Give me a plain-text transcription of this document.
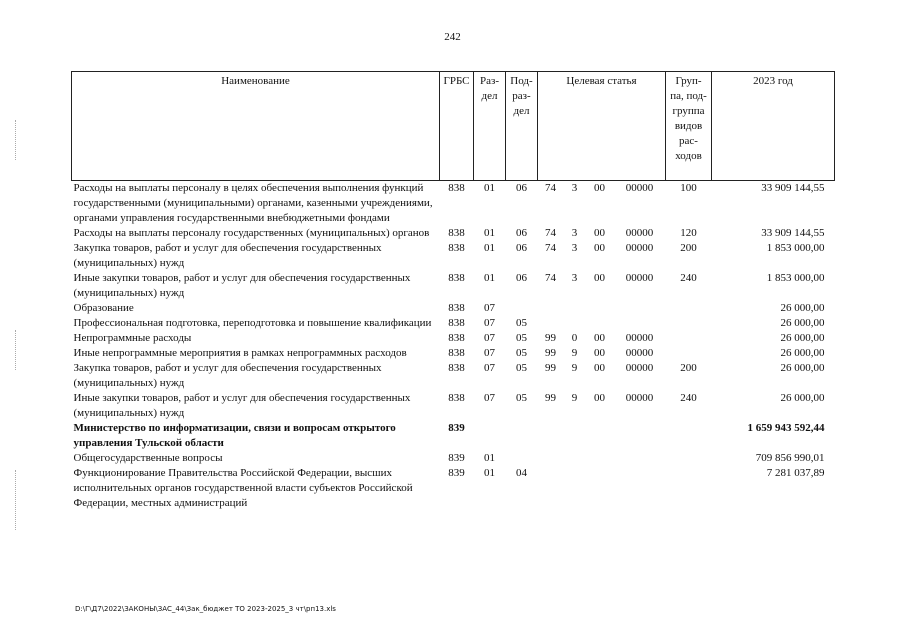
242
Наименование	ГРБС	Раз- дел	Под- раз- дел	Целевая статья				Груп- па, под- группа видов рас- ходов	2023 год
Расходы на выплаты персоналу в целях обеспечения выполнения функций государственными (муниципальными) органами, казенными учреждениями, органами управления государственными внебюджетными фондами	838	01	06	74	3	00	00000	100	33 909 144,55
Расходы на выплаты персоналу государственных (муниципальных) органов	838	01	06	74	3	00	00000	120	33 909 144,55
Закупка товаров, работ и услуг для обеспечения государственных (муниципальных) нужд	838	01	06	74	3	00	00000	200	1 853 000,00
Иные закупки товаров, работ и услуг для обеспечения государственных (муниципальных) нужд	838	01	06	74	3	00	00000	240	1 853 000,00
Образование	838	07							26 000,00
Профессиональная подготовка, переподготовка и повышение квалификации	838	07	05						26 000,00
Непрограммные расходы	838	07	05	99	0	00	00000		26 000,00
Иные непрограммные мероприятия в рамках непрограммных расходов	838	07	05	99	9	00	00000		26 000,00
Закупка товаров, работ и услуг для обеспечения государственных (муниципальных) нужд	838	07	05	99	9	00	00000	200	26 000,00
Иные закупки товаров, работ и услуг для обеспечения государственных (муниципальных) нужд	838	07	05	99	9	00	00000	240	26 000,00
Министерство по информатизации, связи и вопросам открытого управления Тульской области	839								1 659 943 592,44
Общегосударственные вопросы	839	01							709 856 990,01
Функционирование Правительства Российской Федерации, высших исполнительных органов государственной власти субъектов Российской Федерации, местных администраций	839	01	04						7 281 037,89
D:\Г\Д7\2022\ЗАКОНЫ\ЗАС_44\Зак_бюджет ТО 2023-2025_3 чт\рп13.xls
